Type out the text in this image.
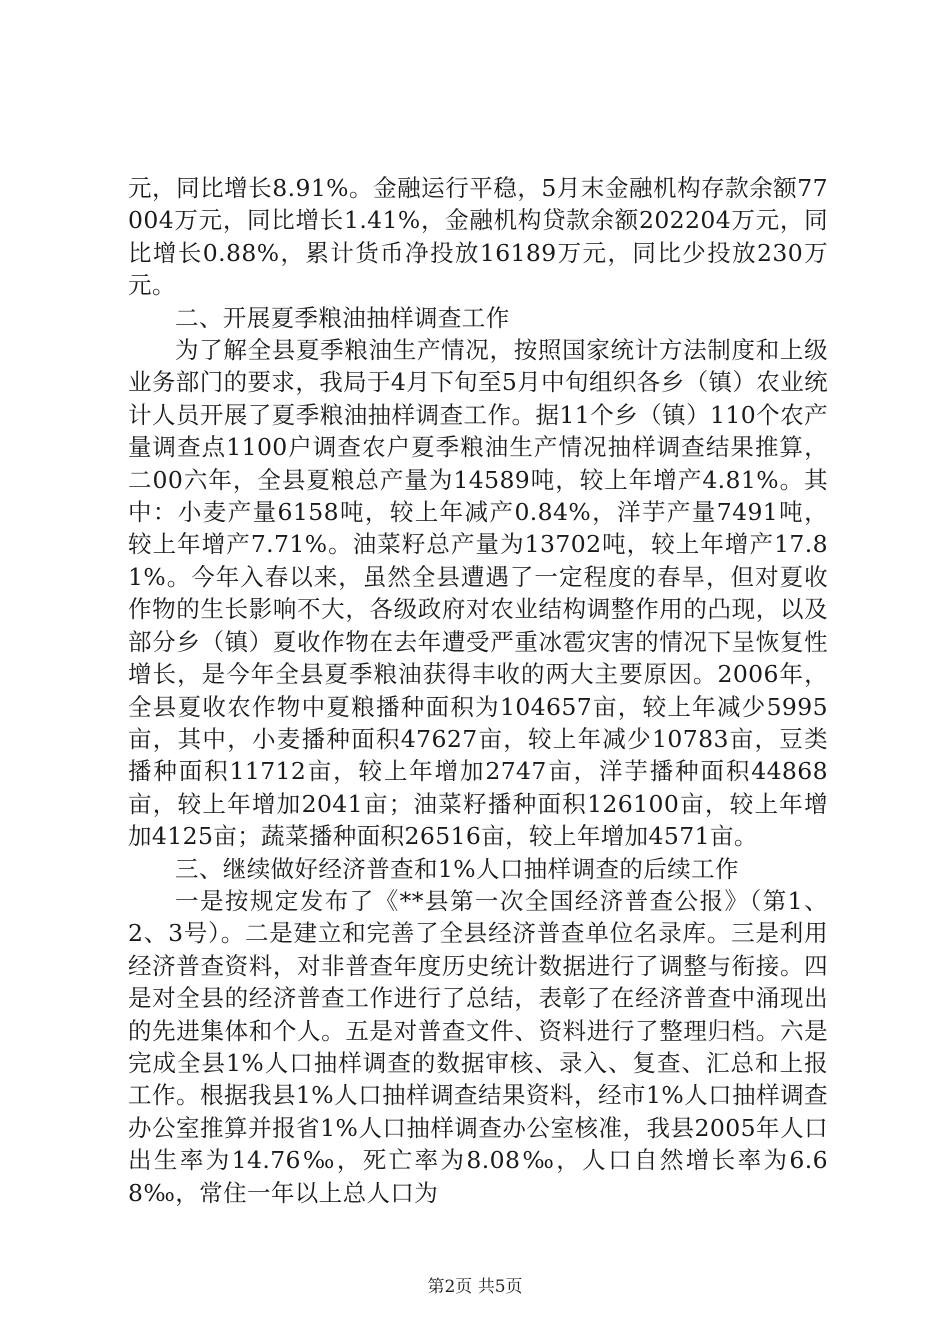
元，同比增长8.91%。金融运行平稳，5月末金融机构存款余额77004万元，同比增长1.41%，金融机构贷款余额202204万元，同比增长0.88%，累计货币净投放16189万元，同比少投放230万元。

二、开展夏季粮油抽样调查工作

为了解全县夏季粮油生产情况，按照国家统计方法制度和上级业务部门的要求，我局于4月下旬至5月中旬组织各乡（镇）农业统计人员开展了夏季粮油抽样调查工作。据11个乡（镇）110个农产量调查点1100户调查农户夏季粮油生产情况抽样调查结果推算，二00六年，全县夏粮总产量为14589吨，较上年增产4.81%。其中：小麦产量6158吨，较上年减产0.84%，洋芋产量7491吨，较上年增产7.71%。油菜籽总产量为13702吨，较上年增产17.81%。今年入春以来，虽然全县遭遇了一定程度的春旱，但对夏收作物的生长影响不大，各级政府对农业结构调整作用的凸现，以及部分乡（镇）夏收作物在去年遭受严重冰雹灾害的情况下呈恢复性增长，是今年全县夏季粮油获得丰收的两大主要原因。2006年，全县夏收农作物中夏粮播种面积为104657亩，较上年减少5995亩，其中，小麦播种面积47627亩，较上年减少10783亩，豆类播种面积11712亩，较上年增加2747亩，洋芋播种面积44868亩，较上年增加2041亩；油菜籽播种面积126100亩，较上年增加4125亩；蔬菜播种面积26516亩，较上年增加4571亩。

三、继续做好经济普查和1%人口抽样调查的后续工作

一是按规定发布了《**县第一次全国经济普查公报》（第1、2、3号）。二是建立和完善了全县经济普查单位名录库。三是利用经济普查资料，对非普查年度历史统计数据进行了调整与衔接。四是对全县的经济普查工作进行了总结，表彰了在经济普查中涌现出的先进集体和个人。五是对普查文件、资料进行了整理归档。六是完成全县1%人口抽样调查的数据审核、录入、复查、汇总和上报工作。根据我县1%人口抽样调查结果资料，经市1%人口抽样调查办公室推算并报省1%人口抽样调查办公室核准，我县2005年人口出生率为14.76‰，死亡率为8.08‰，人口自然增长率为6.68‰，常住一年以上总人口为

第2页 共5页
